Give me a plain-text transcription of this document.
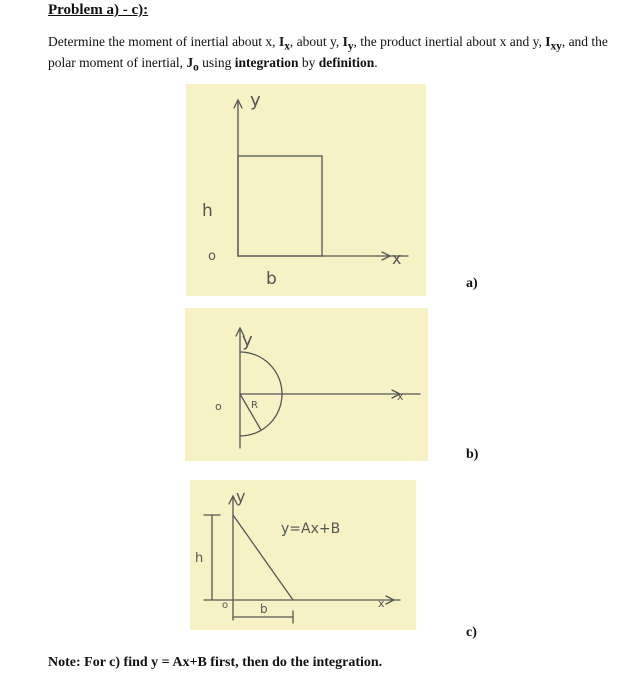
Problem a) - c):
Determine the moment of inertial about x, $I_x$, about y, $I_y$, the product inertial about x and y, $I_{xy}$, and the polar moment of inertial, $J_o$ using integration by definition.
y
x
h
o
b
y
x
o	R
y
x
h
o	b
y=Ax+B
a)
b)
c)
Note: For c) find y = Ax+B first, then do the integration.
